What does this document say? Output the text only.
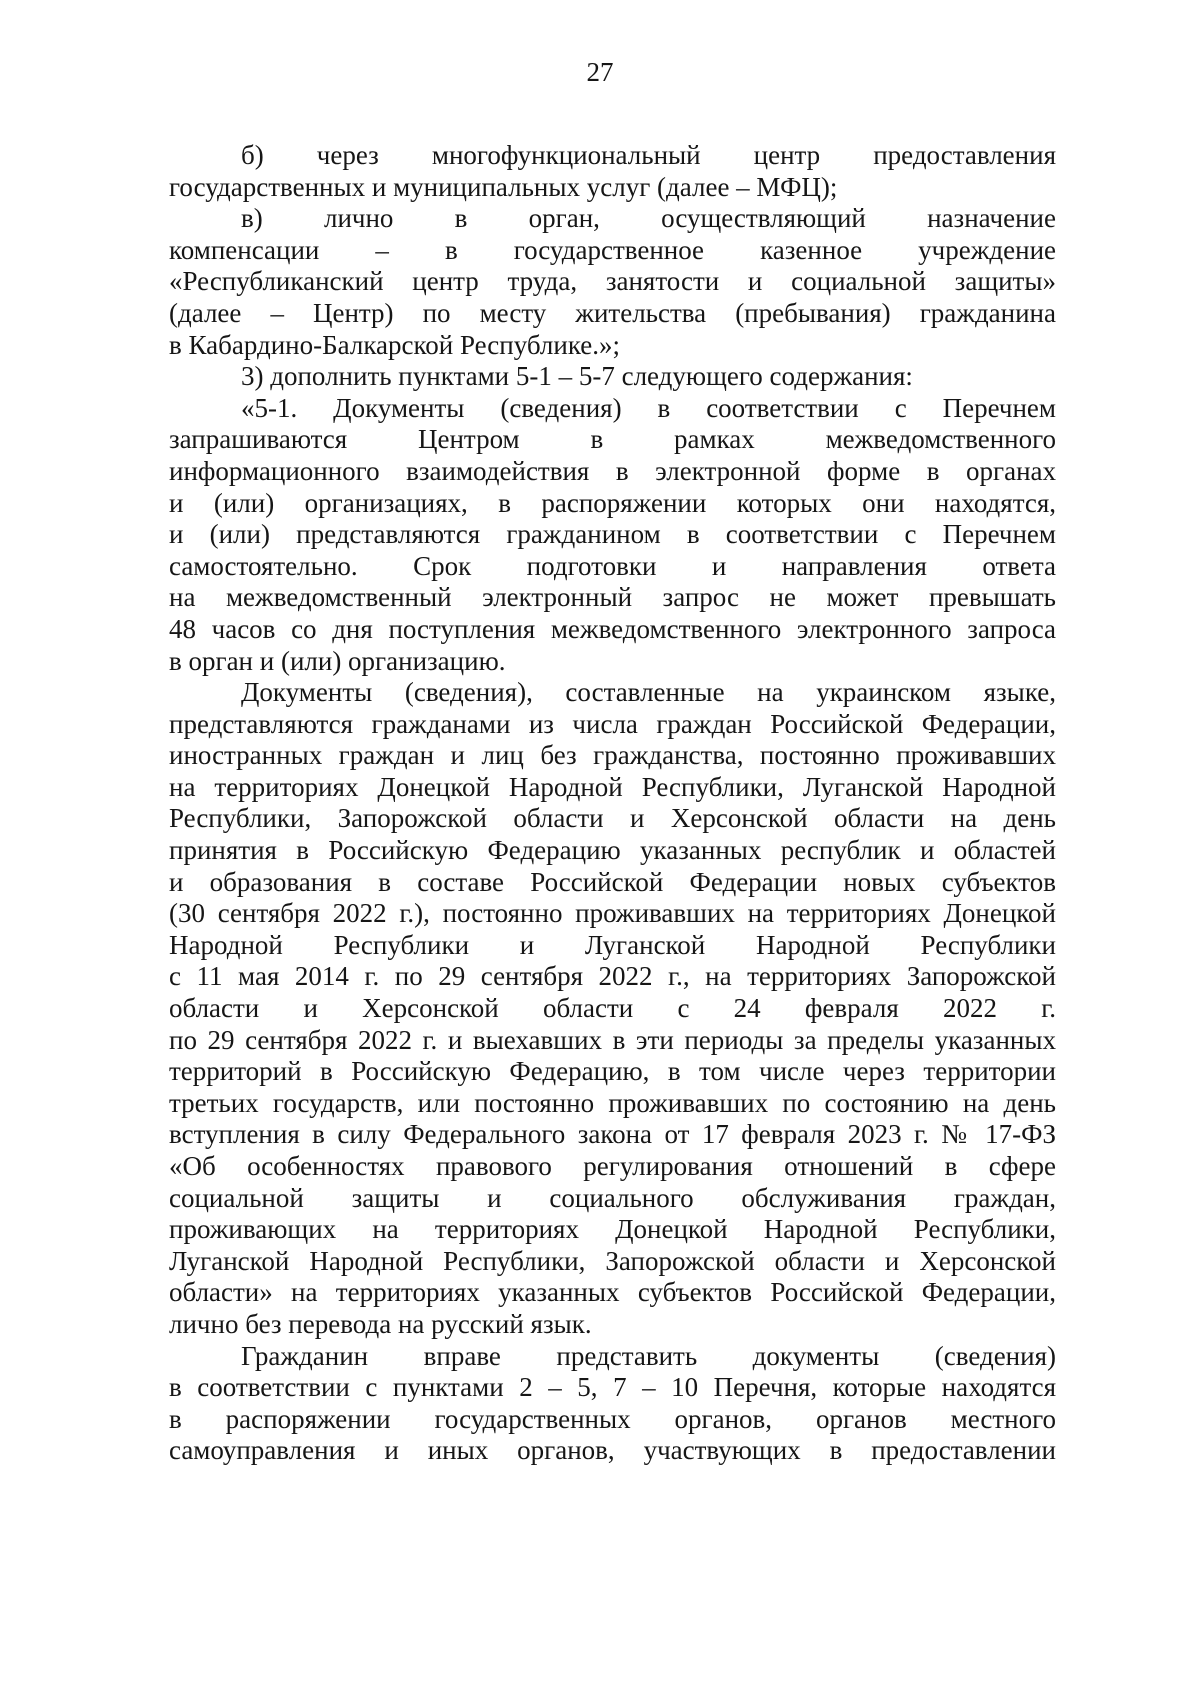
27
б) через многофункциональный центр предоставления
государственных и муниципальных услуг (далее – МФЦ);
в) лично в орган, осуществляющий назначение
компенсации – в государственное казенное учреждение
«Республиканский центр труда, занятости и социальной защиты»
(далее – Центр) по месту жительства (пребывания) гражданина
в Кабардино-Балкарской Республике.»;
3) дополнить пунктами 5-1 – 5-7 следующего содержания:
«5-1. Документы (сведения) в соответствии с Перечнем
запрашиваются Центром в рамках межведомственного
информационного взаимодействия в электронной форме в органах
и (или) организациях, в распоряжении которых они находятся,
и (или) представляются гражданином в соответствии с Перечнем
самостоятельно. Срок подготовки и направления ответа
на межведомственный электронный запрос не может превышать
48 часов со дня поступления межведомственного электронного запроса
в орган и (или) организацию.
Документы (сведения), составленные на украинском языке,
представляются гражданами из числа граждан Российской Федерации,
иностранных граждан и лиц без гражданства, постоянно проживавших
на территориях Донецкой Народной Республики, Луганской Народной
Республики, Запорожской области и Херсонской области на день
принятия в Российскую Федерацию указанных республик и областей
и образования в составе Российской Федерации новых субъектов
(30 сентября 2022 г.), постоянно проживавших на территориях Донецкой
Народной Республики и Луганской Народной Республики
с 11 мая 2014 г. по 29 сентября 2022 г., на территориях Запорожской
области и Херсонской области с 24 февраля 2022 г.
по 29 сентября 2022 г. и выехавших в эти периоды за пределы указанных
территорий в Российскую Федерацию, в том числе через территории
третьих государств, или постоянно проживавших по состоянию на день
вступления в силу Федерального закона от 17 февраля 2023 г. № 17-ФЗ
«Об особенностях правового регулирования отношений в сфере
социальной защиты и социального обслуживания граждан,
проживающих на территориях Донецкой Народной Республики,
Луганской Народной Республики, Запорожской области и Херсонской
области» на территориях указанных субъектов Российской Федерации,
лично без перевода на русский язык.
Гражданин вправе представить документы (сведения)
в соответствии с пунктами 2 – 5, 7 – 10 Перечня, которые находятся
в распоряжении государственных органов, органов местного
самоуправления и иных органов, участвующих в предоставлении
